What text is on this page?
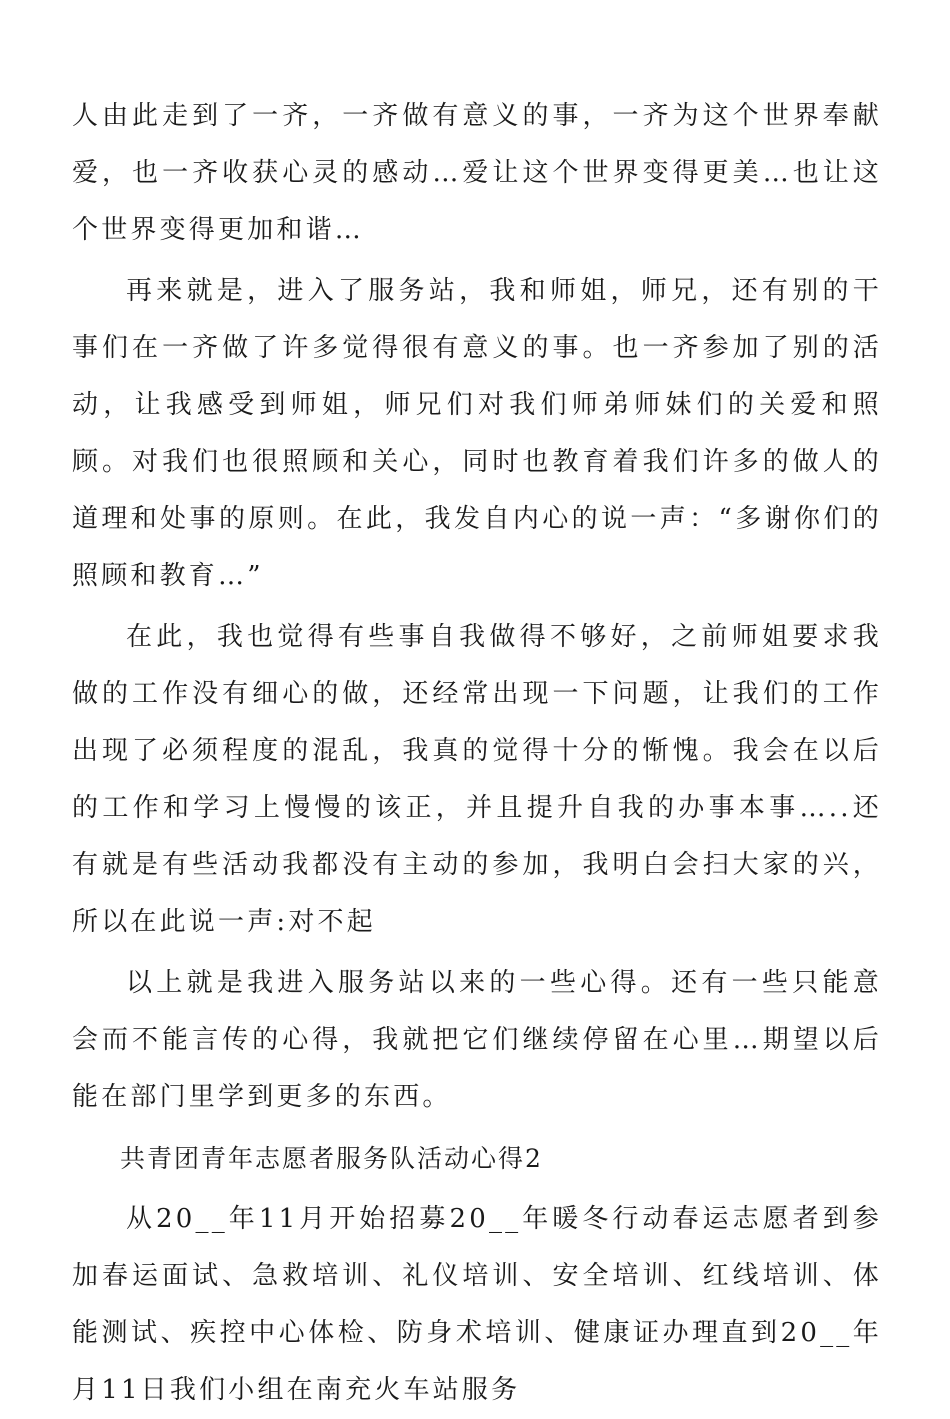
人由此走到了一齐，一齐做有意义的事，一齐为这个世界奉献爱，也一齐收获心灵的感动…爱让这个世界变得更美…也让这个世界变得更加和谐…

再来就是，进入了服务站，我和师姐，师兄，还有别的干事们在一齐做了许多觉得很有意义的事。也一齐参加了别的活动，让我感受到师姐，师兄们对我们师弟师妹们的关爱和照顾。对我们也很照顾和关心，同时也教育着我们许多的做人的道理和处事的原则。在此，我发自内心的说一声：“多谢你们的照顾和教育…”

在此，我也觉得有些事自我做得不够好，之前师姐要求我做的工作没有细心的做，还经常出现一下问题，让我们的工作出现了必须程度的混乱，我真的觉得十分的惭愧。我会在以后的工作和学习上慢慢的该正，并且提升自我的办事本事…..还有就是有些活动我都没有主动的参加，我明白会扫大家的兴，所以在此说一声:对不起

以上就是我进入服务站以来的一些心得。还有一些只能意会而不能言传的心得，我就把它们继续停留在心里…期望以后能在部门里学到更多的东西。

共青团青年志愿者服务队活动心得2

从20__年11月开始招募20__年暖冬行动春运志愿者到参加春运面试、急救培训、礼仪培训、安全培训、红线培训、体能测试、疾控中心体检、防身术培训、健康证办理直到20__年月11日我们小组在南充火车站服务
